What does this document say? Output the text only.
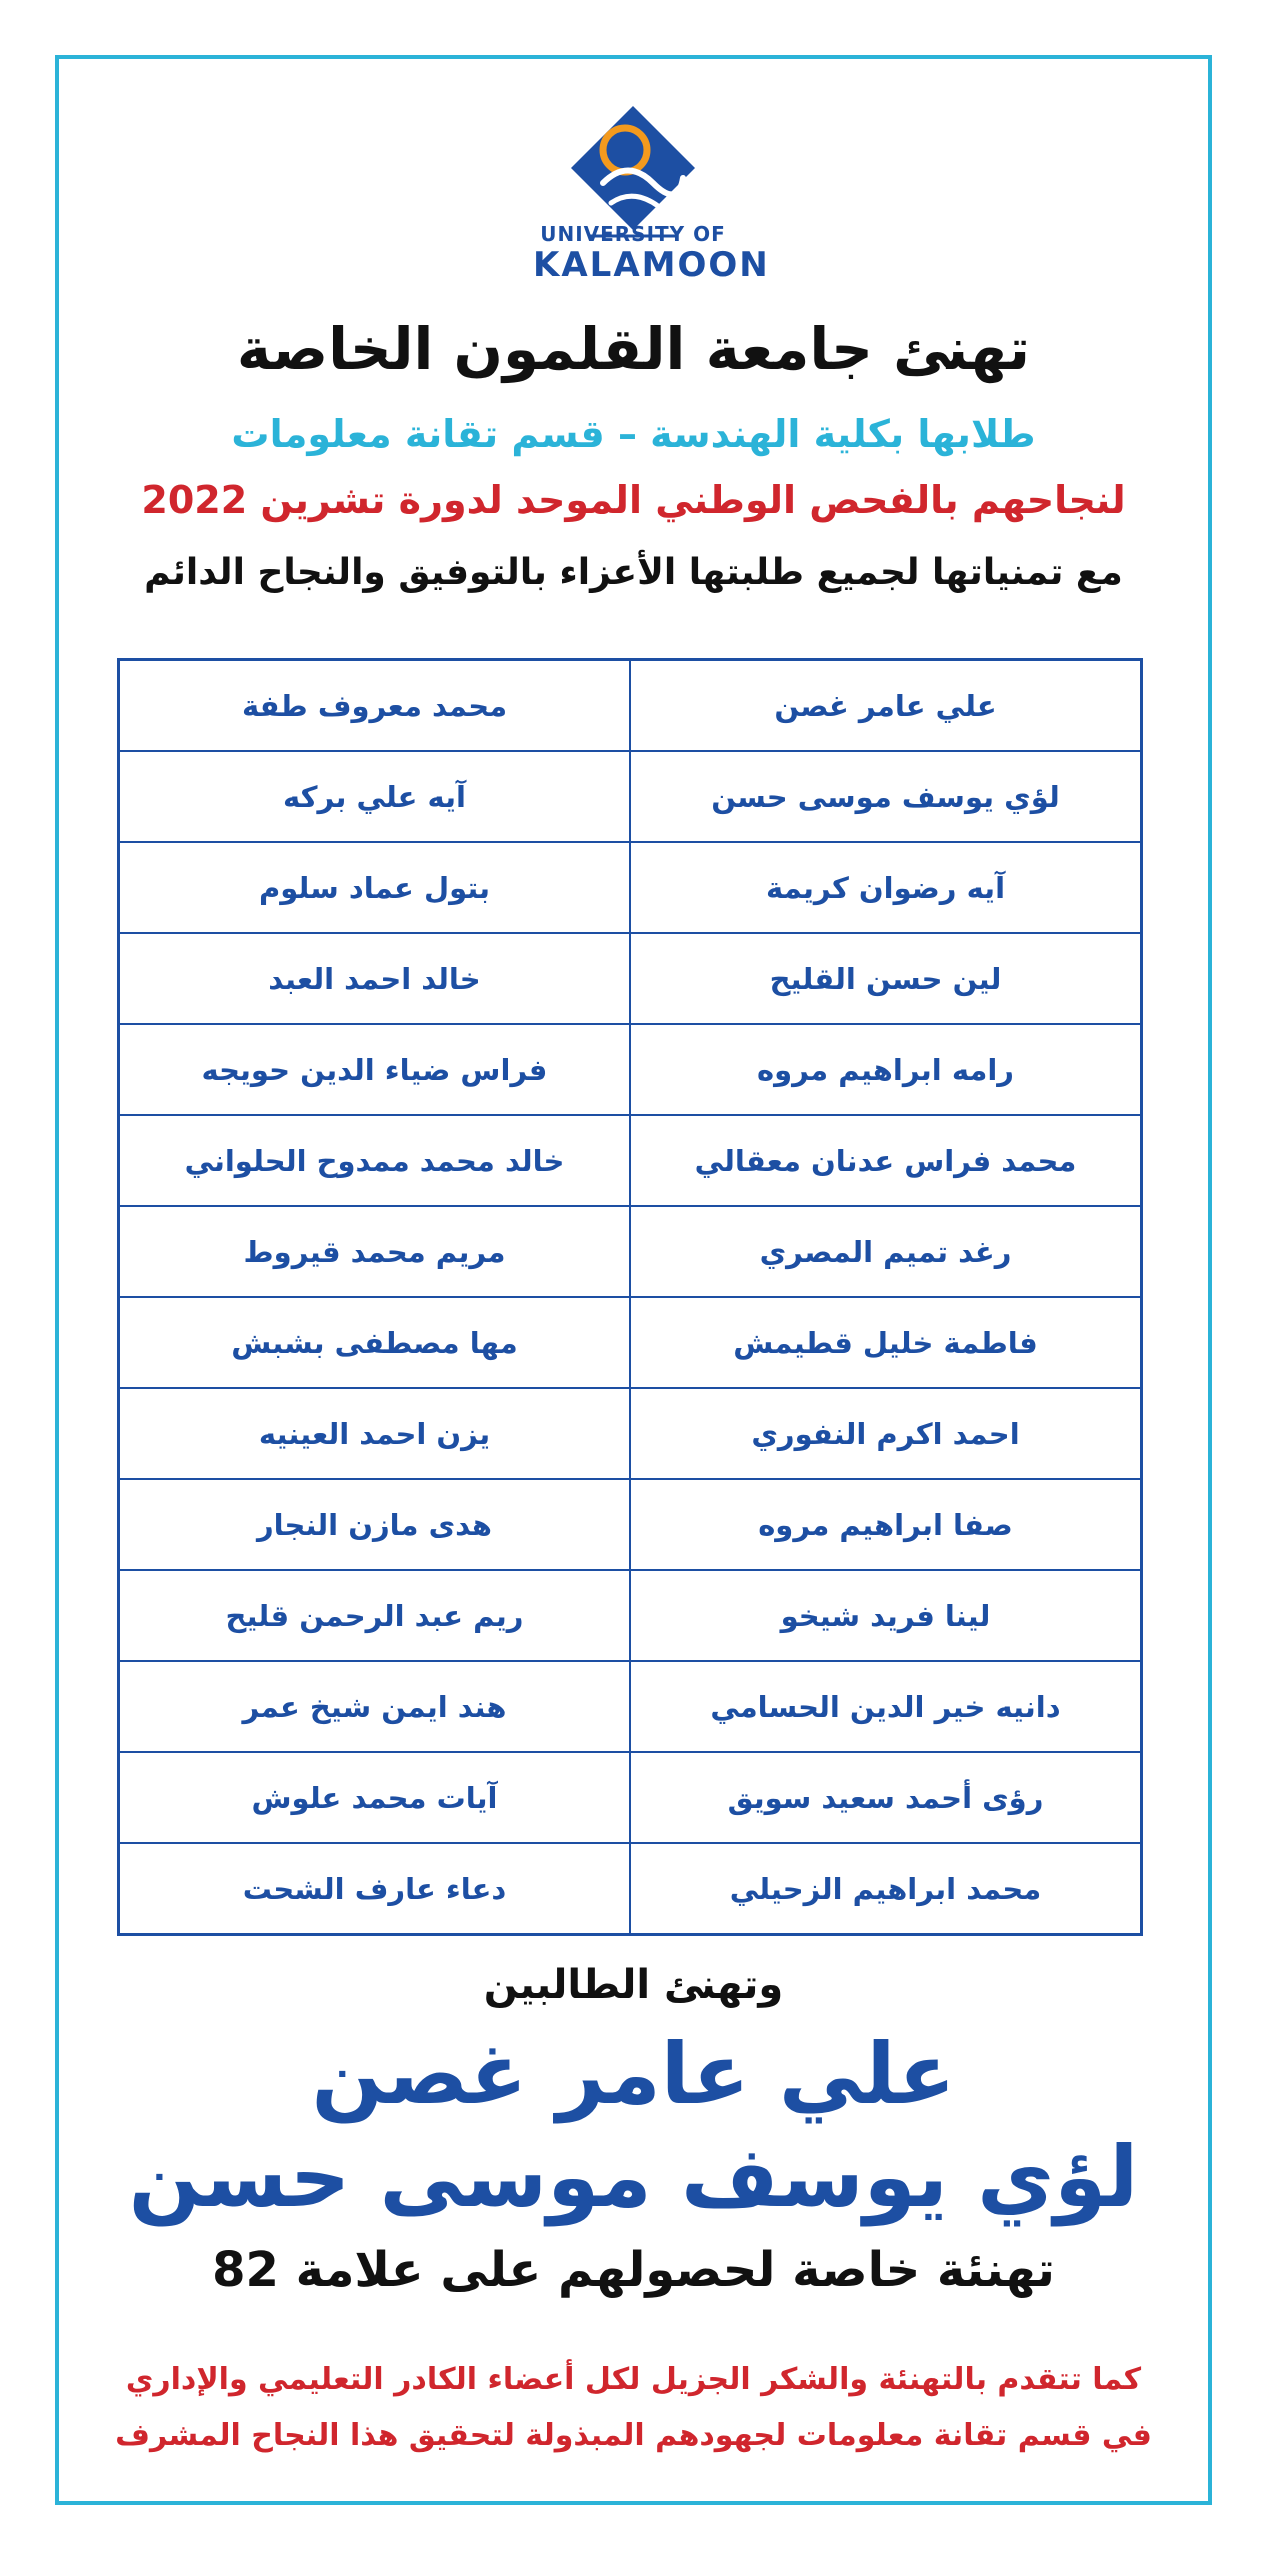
UNIVERSITY OF
KALAMOON
تهنئ جامعة القلمون الخاصة
طلابها بكلية الهندسة – قسم تقانة معلومات
لنجاحهم بالفحص الوطني الموحد لدورة تشرين 2022
مع تمنياتها لجميع طلبتها الأعزاء بالتوفيق والنجاح الدائم
علي عامر غصن	محمد معروف طفة
لؤي يوسف موسى حسن	آيه علي بركه
آيه رضوان كريمة	بتول عماد سلوم
لين حسن القليح	خالد احمد العبد
رامه ابراهيم مروه	فراس ضياء الدين حويجه
محمد فراس عدنان معقالي	خالد محمد ممدوح الحلواني
رغد تميم المصري	مريم محمد قيروط
فاطمة خليل قطيمش	مها مصطفى بشبش
احمد اكرم النفوري	يزن احمد العينيه
صفا ابراهيم مروه	هدى مازن النجار
لينا فريد شيخو	ريم عبد الرحمن قليح
دانيه خير الدين الحسامي	هند ايمن شيخ عمر
رؤى أحمد سعيد سويق	آيات محمد علوش
محمد ابراهيم الزحيلي	دعاء عارف الشحت
وتهنئ الطالبين
علي عامر غصن
لؤي يوسف موسى حسن
تهنئة خاصة لحصولهم على علامة 82
كما تتقدم بالتهنئة والشكر الجزيل لكل أعضاء الكادر التعليمي والإداري
في قسم تقانة معلومات لجهودهم المبذولة لتحقيق هذا النجاح المشرف
